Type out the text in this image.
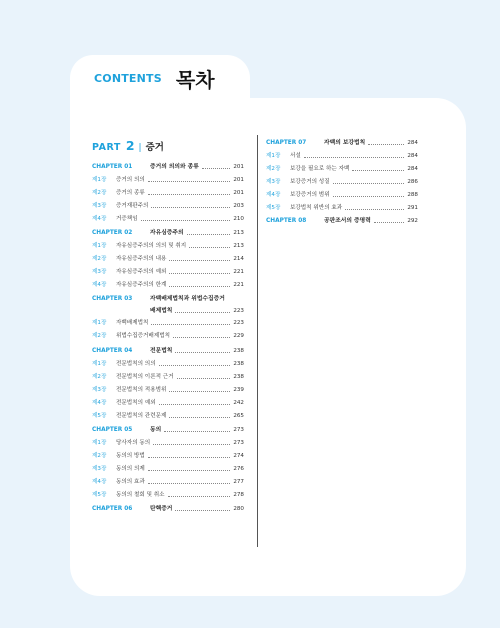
CONTENTS 목차
PART 2 | 증거
CHAPTER 01	증거의 의의와 종류	201
제1장	증거의 의의	201
제2장	증거의 종류	201
제3장	증거재판주의	203
제4장	거증책임	210
CHAPTER 02	자유심증주의	213
제1장	자유심증주의의 의의 및 취지	213
제2장	자유심증주의의 내용	214
제3장	자유심증주의의 예외	221
제4장	자유심증주의의 한계	221
CHAPTER 03	자백배제법칙과 위법수집증거
배제법칙	223
제1장	자백배제법칙	223
제2장	위법수집증거배제법칙	229
CHAPTER 04	전문법칙	238
제1장	전문법칙의 의의	238
제2장	전문법칙의 이론적 근거	238
제3장	전문법칙의 적용범위	239
제4장	전문법칙의 예외	242
제5장	전문법칙의 관련문제	265
CHAPTER 05	동의	273
제1장	당사자의 동의	273
제2장	동의의 방법	274
제3장	동의의 의제	276
제4장	동의의 효과	277
제5장	동의의 철회 및 취소	278
CHAPTER 06	탄핵증거	280
CHAPTER 07	자백의 보강법칙	284
제1장	서설	284
제2장	보강을 필요로 하는 자백	284
제3장	보강증거의 성질	286
제4장	보강증거의 범위	288
제5장	보강법칙 위반의 효과	291
CHAPTER 08	공판조서의 증명력	292
